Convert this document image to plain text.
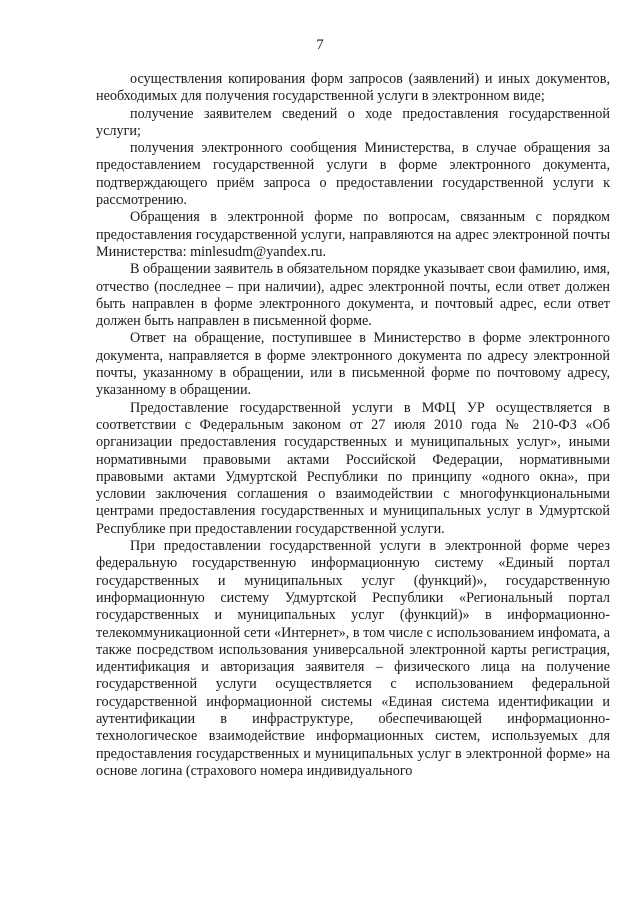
7

осуществления копирования форм запросов (заявлений) и иных документов, необходимых для получения государственной услуги в электронном виде;

получение заявителем сведений о ходе предоставления государственной услуги;

получения электронного сообщения Министерства, в случае обращения за предоставлением государственной услуги в форме электронного документа, подтверждающего приём запроса о предоставлении государственной услуги к рассмотрению.

Обращения в электронной форме по вопросам, связанным с порядком предоставления государственной услуги, направляются на адрес электронной почты Министерства: minlesudm@yandex.ru.

В обращении заявитель в обязательном порядке указывает свои фамилию, имя, отчество (последнее – при наличии), адрес электронной почты, если ответ должен быть направлен в форме электронного документа, и почтовый адрес, если ответ должен быть направлен в письменной форме.

Ответ на обращение, поступившее в Министерство в форме электронного документа, направляется в форме электронного документа по адресу электронной почты, указанному в обращении, или в письменной форме по почтовому адресу, указанному в обращении.

Предоставление государственной услуги в МФЦ УР осуществляется в соответствии с Федеральным законом от 27 июля 2010 года № 210-ФЗ «Об организации предоставления государственных и муниципальных услуг», иными нормативными правовыми актами Российской Федерации, нормативными правовыми актами Удмуртской Республики по принципу «одного окна», при условии заключения соглашения о взаимодействии с многофункциональными центрами предоставления государственных и муниципальных услуг в Удмуртской Республике при предоставлении государственной услуги.

При предоставлении государственной услуги в электронной форме через федеральную государственную информационную систему «Единый портал государственных и муниципальных услуг (функций)», государственную информационную систему Удмуртской Республики «Региональный портал государственных и муниципальных услуг (функций)» в информационно-телекоммуникационной сети «Интернет», в том числе с использованием инфомата, а также посредством использования универсальной электронной карты регистрация, идентификация и авторизация заявителя – физического лица на получение государственной услуги осуществляется с использованием федеральной государственной информационной системы «Единая система идентификации и аутентификации в инфраструктуре, обеспечивающей информационно-технологическое взаимодействие информационных систем, используемых для предоставления государственных и муниципальных услуг в электронной форме» на основе логина (страхового номера индивидуального
